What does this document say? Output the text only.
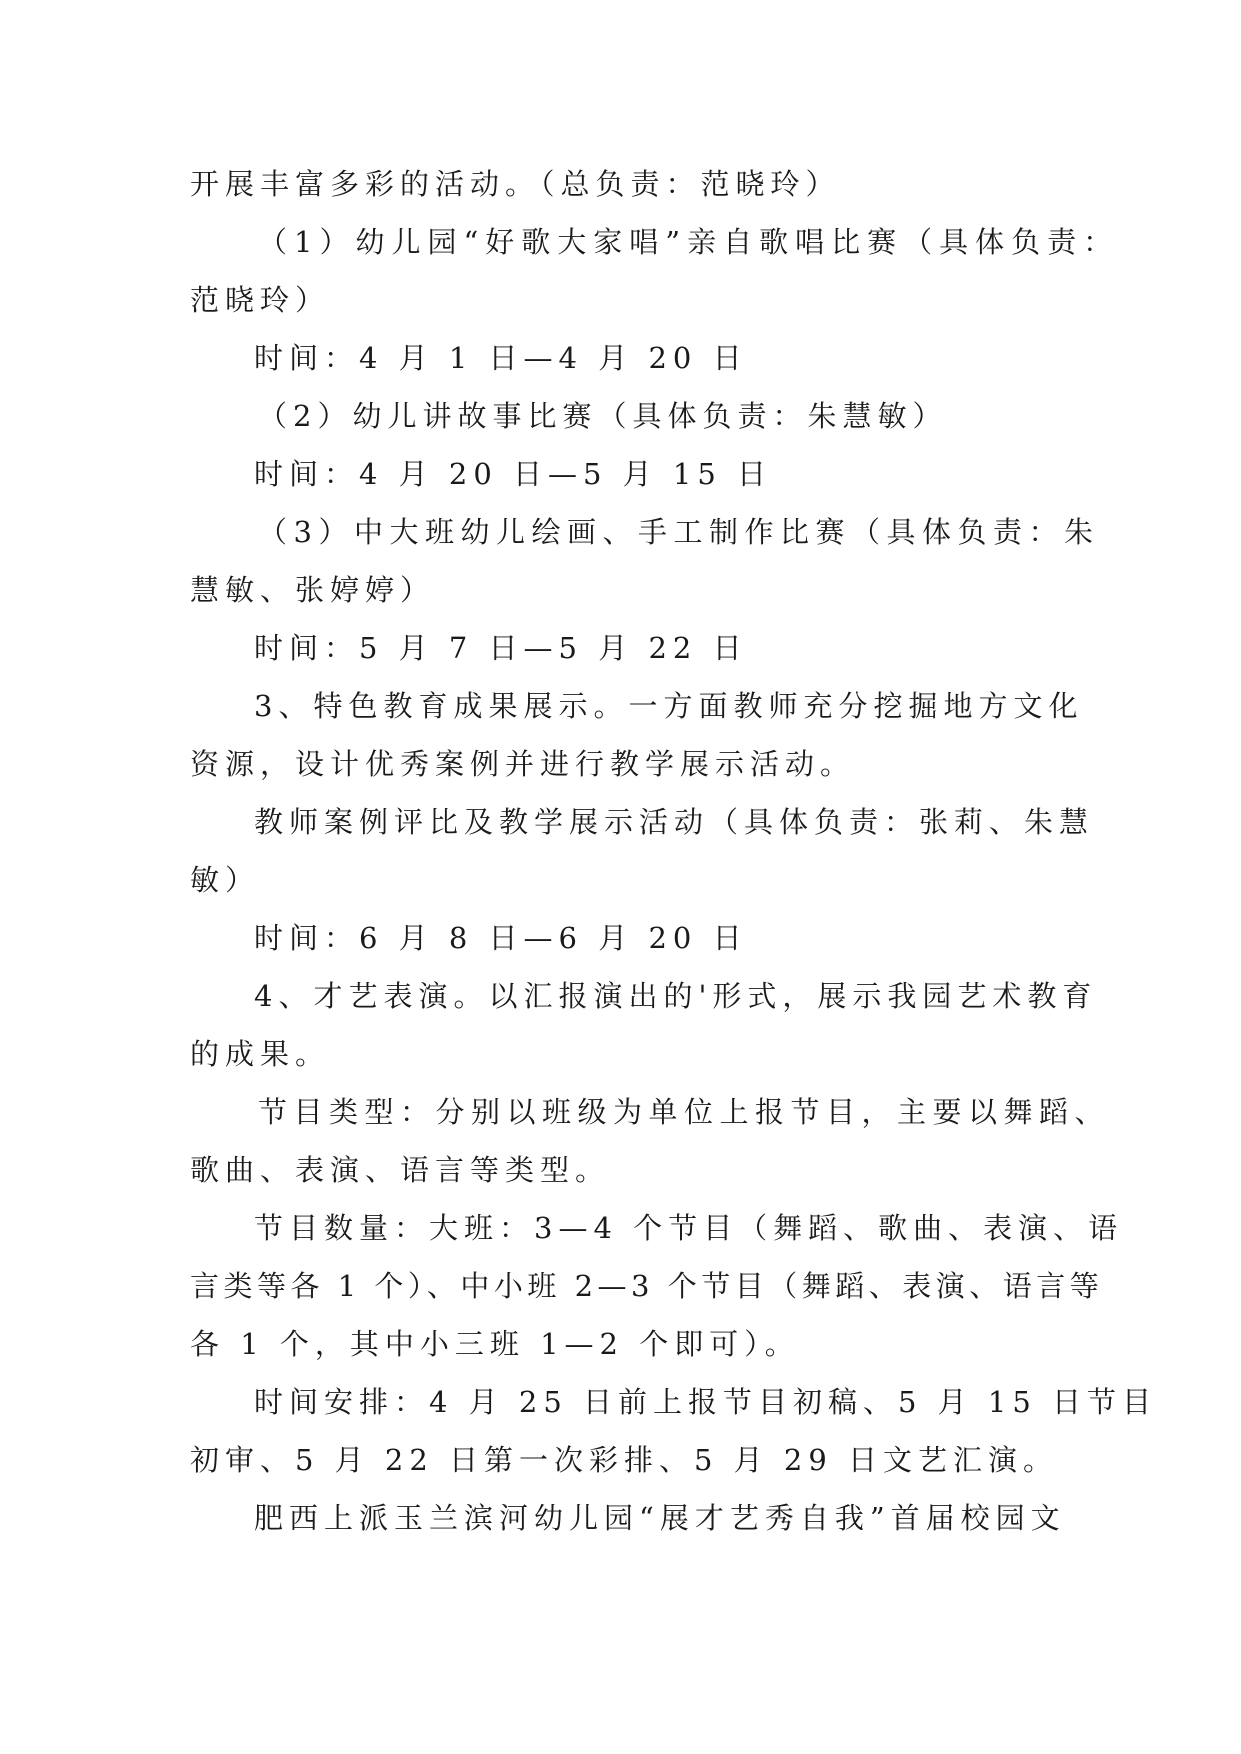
开展丰富多彩的活动。（总负责：范晓玲）
（1）幼儿园“好歌大家唱”亲自歌唱比赛（具体负责：
范晓玲）
时间：4 月 1 日—4 月 20 日
（2）幼儿讲故事比赛（具体负责：朱慧敏）
时间：4 月 20 日—5 月 15 日
（3）中大班幼儿绘画、手工制作比赛（具体负责：朱
慧敏、张婷婷）
时间：5 月 7 日—5 月 22 日
3、特色教育成果展示。一方面教师充分挖掘地方文化
资源，设计优秀案例并进行教学展示活动。
教师案例评比及教学展示活动（具体负责：张莉、朱慧
敏）
时间：6 月 8 日—6 月 20 日
4、才艺表演。以汇报演出的'形式，展示我园艺术教育
的成果。
节目类型：分别以班级为单位上报节目，主要以舞蹈、
歌曲、表演、语言等类型。
节目数量：大班：3—4 个节目（舞蹈、歌曲、表演、语
言类等各 1 个）、中小班 2—3 个节目（舞蹈、表演、语言等
各 1 个，其中小三班 1—2 个即可）。
时间安排：4 月 25 日前上报节目初稿、5 月 15 日节目
初审、5 月 22 日第一次彩排、5 月 29 日文艺汇演。
肥西上派玉兰滨河幼儿园“展才艺秀自我”首届校园文
